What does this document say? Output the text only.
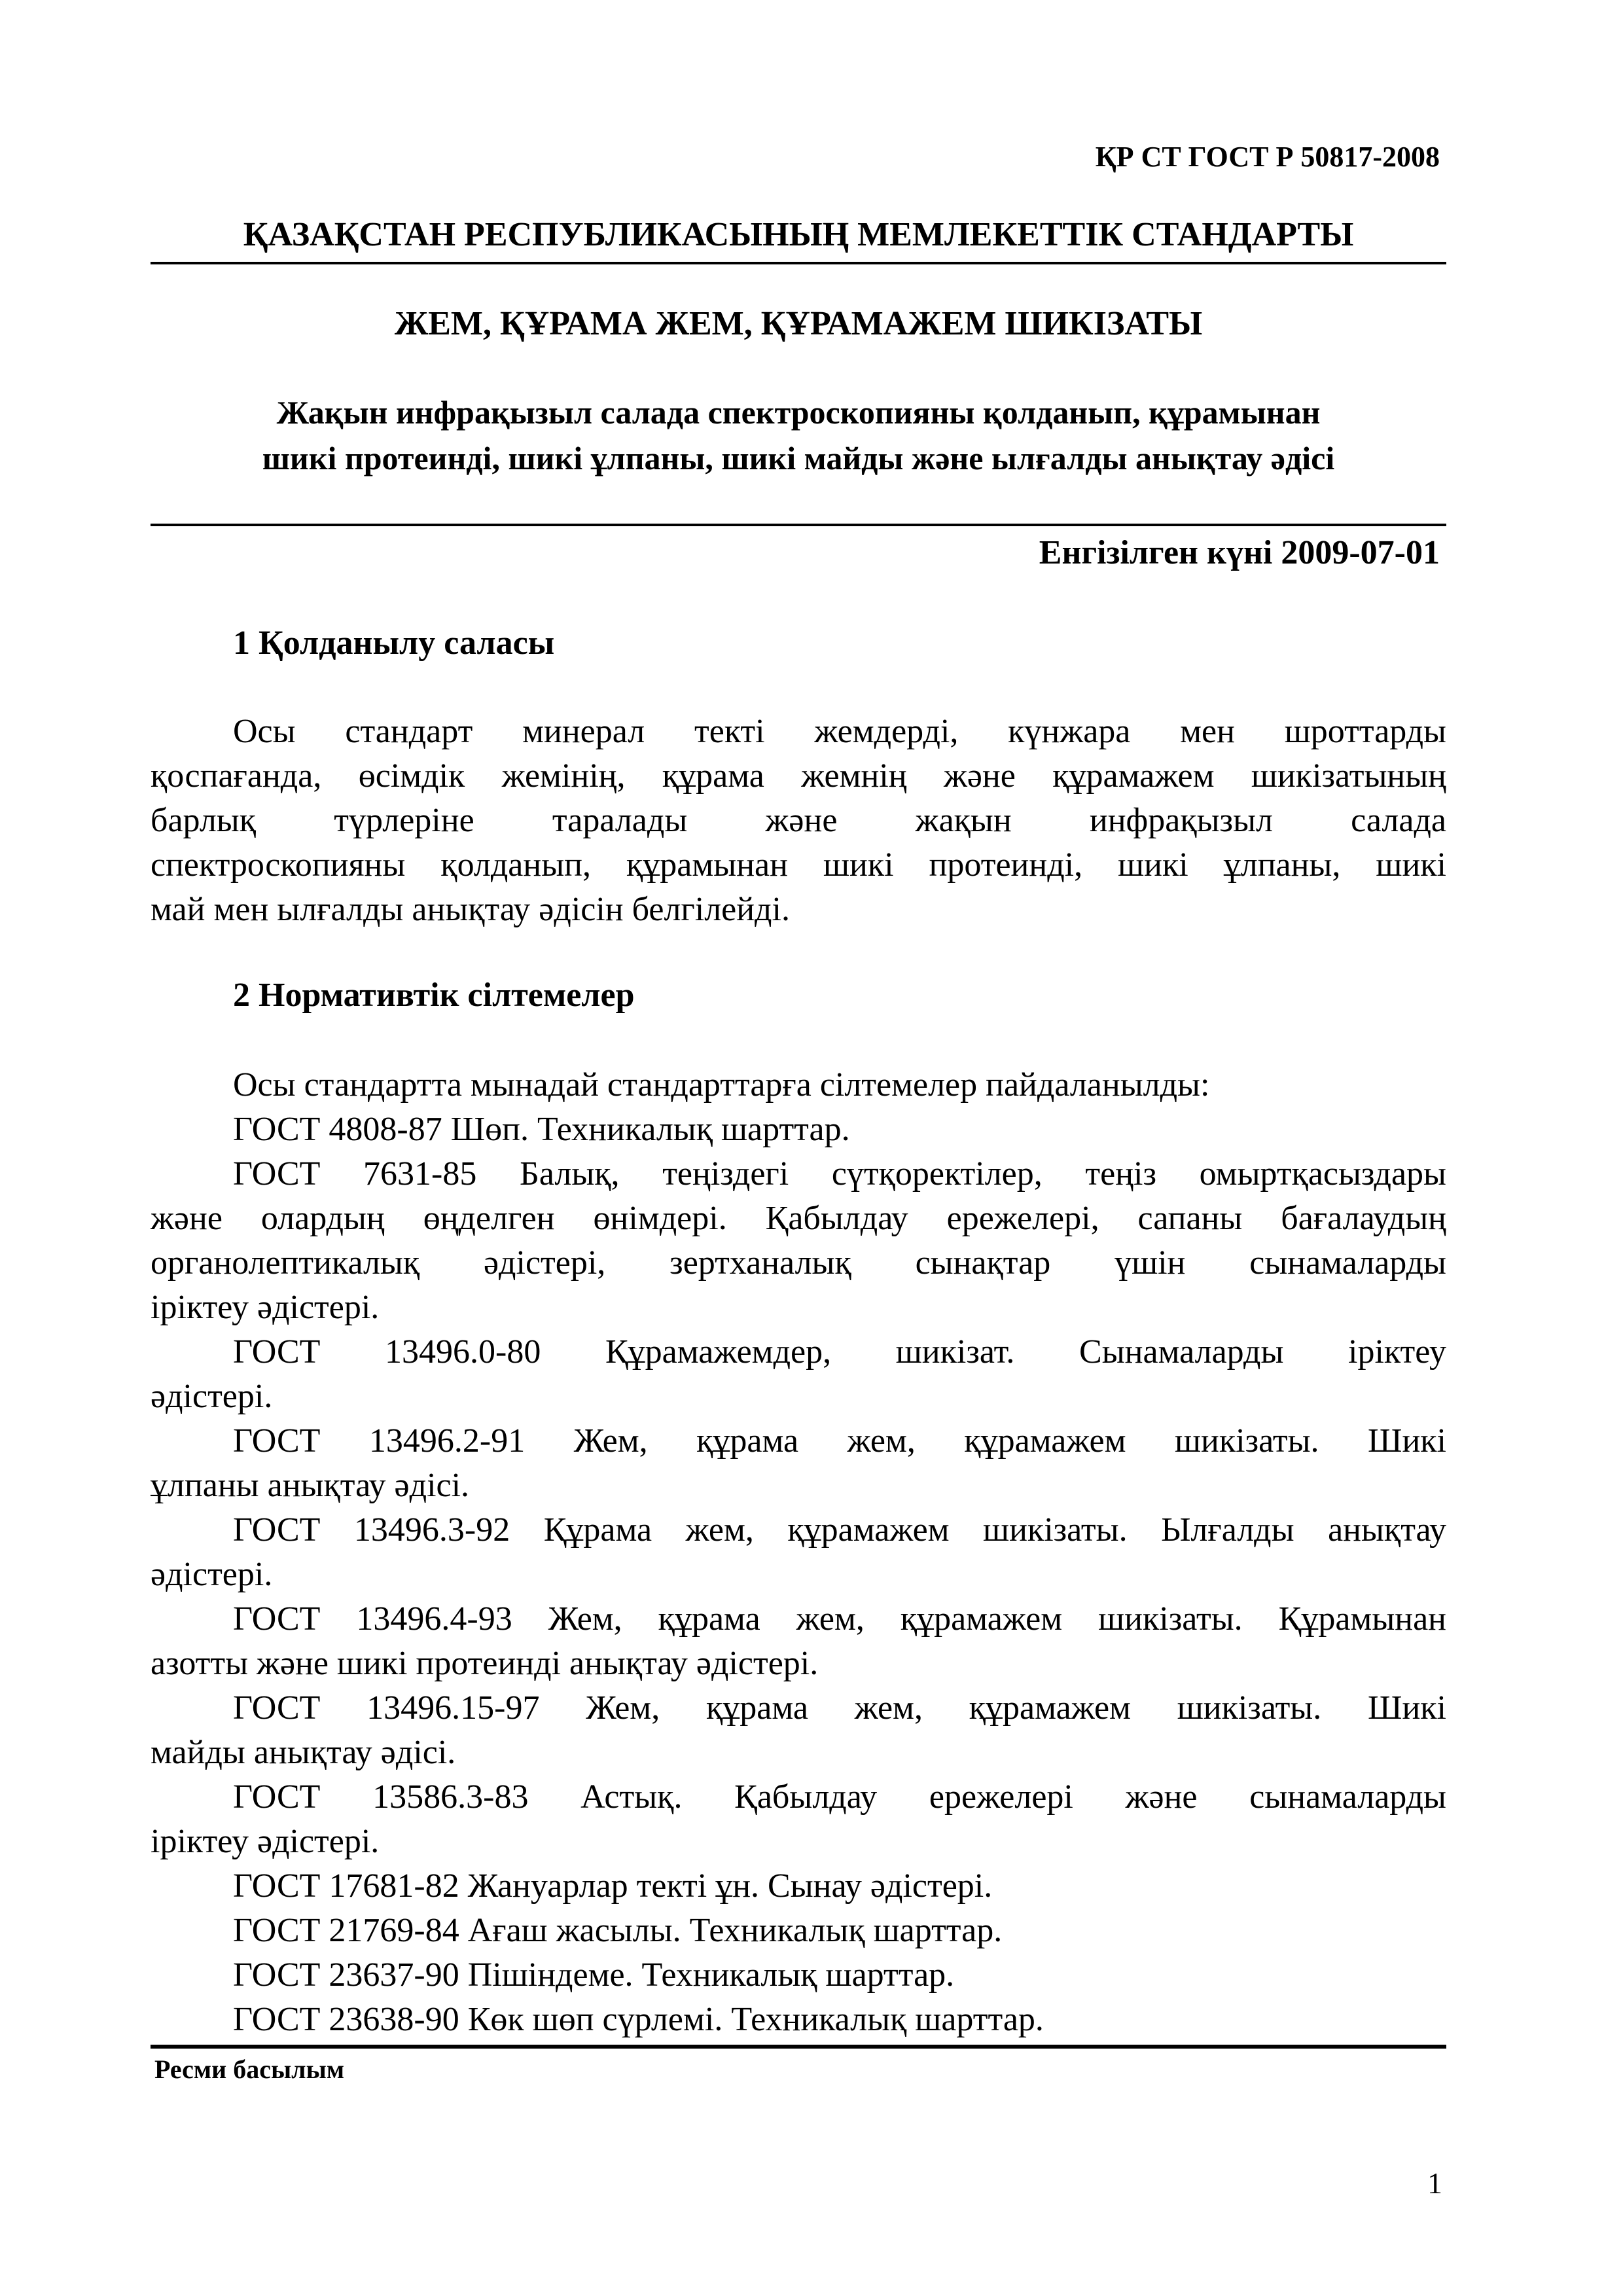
ҚР СТ ГОСТ Р 50817-2008
ҚАЗАҚСТАН РЕСПУБЛИКАСЫНЫҢ МЕМЛЕКЕТТІК СТАНДАРТЫ
ЖЕМ, ҚҰРАМА ЖЕМ, ҚҰРАМАЖЕМ ШИКІЗАТЫ
Жақын инфрақызыл салада спектроскопияны қолданып, құрамынан
шикі протеинді, шикі ұлпаны, шикі майды және ылғалды анықтау әдісі
Енгізілген күні 2009-07-01
1 Қолданылу саласы
Осы стандарт минерал текті жемдерді, күнжара мен шроттарды
қоспағанда, өсімдік жемінің, құрама жемнің және құрамажем шикізатының
барлық түрлеріне таралады және жақын инфрақызыл салада
спектроскопияны қолданып, құрамынан шикі протеинді, шикі ұлпаны, шикі
май мен ылғалды анықтау әдісін белгілейді.
2 Нормативтік сілтемелер
Осы стандартта мынадай стандарттарға сілтемелер пайдаланылды:
ГОСТ 4808-87 Шөп. Техникалық шарттар.
ГОСТ 7631-85 Балық, теңіздегі сүтқоректілер, теңіз омыртқасыздары
және олардың өңделген өнімдері. Қабылдау ережелері, сапаны бағалаудың
органолептикалық әдістері, зертханалық сынақтар үшін сынамаларды
іріктеу әдістері.
ГОСТ 13496.0-80 Құрамажемдер, шикізат. Сынамаларды іріктеу
әдістері.
ГОСТ 13496.2-91 Жем, құрама жем, құрамажем шикізаты. Шикі
ұлпаны анықтау әдісі.
ГОСТ 13496.3-92 Құрама жем, құрамажем шикізаты. Ылғалды анықтау
әдістері.
ГОСТ 13496.4-93 Жем, құрама жем, құрамажем шикізаты. Құрамынан
азотты және шикі протеинді анықтау әдістері.
ГОСТ 13496.15-97 Жем, құрама жем, құрамажем шикізаты. Шикі
майды анықтау әдісі.
ГОСТ 13586.3-83 Астық. Қабылдау ережелері және сынамаларды
іріктеу әдістері.
ГОСТ 17681-82 Жануарлар текті ұн. Сынау әдістері.
ГОСТ 21769-84 Ағаш жасылы. Техникалық шарттар.
ГОСТ 23637-90 Пішіндеме. Техникалық шарттар.
ГОСТ 23638-90 Көк шөп сүрлемі. Техникалық шарттар.
Ресми басылым
1
